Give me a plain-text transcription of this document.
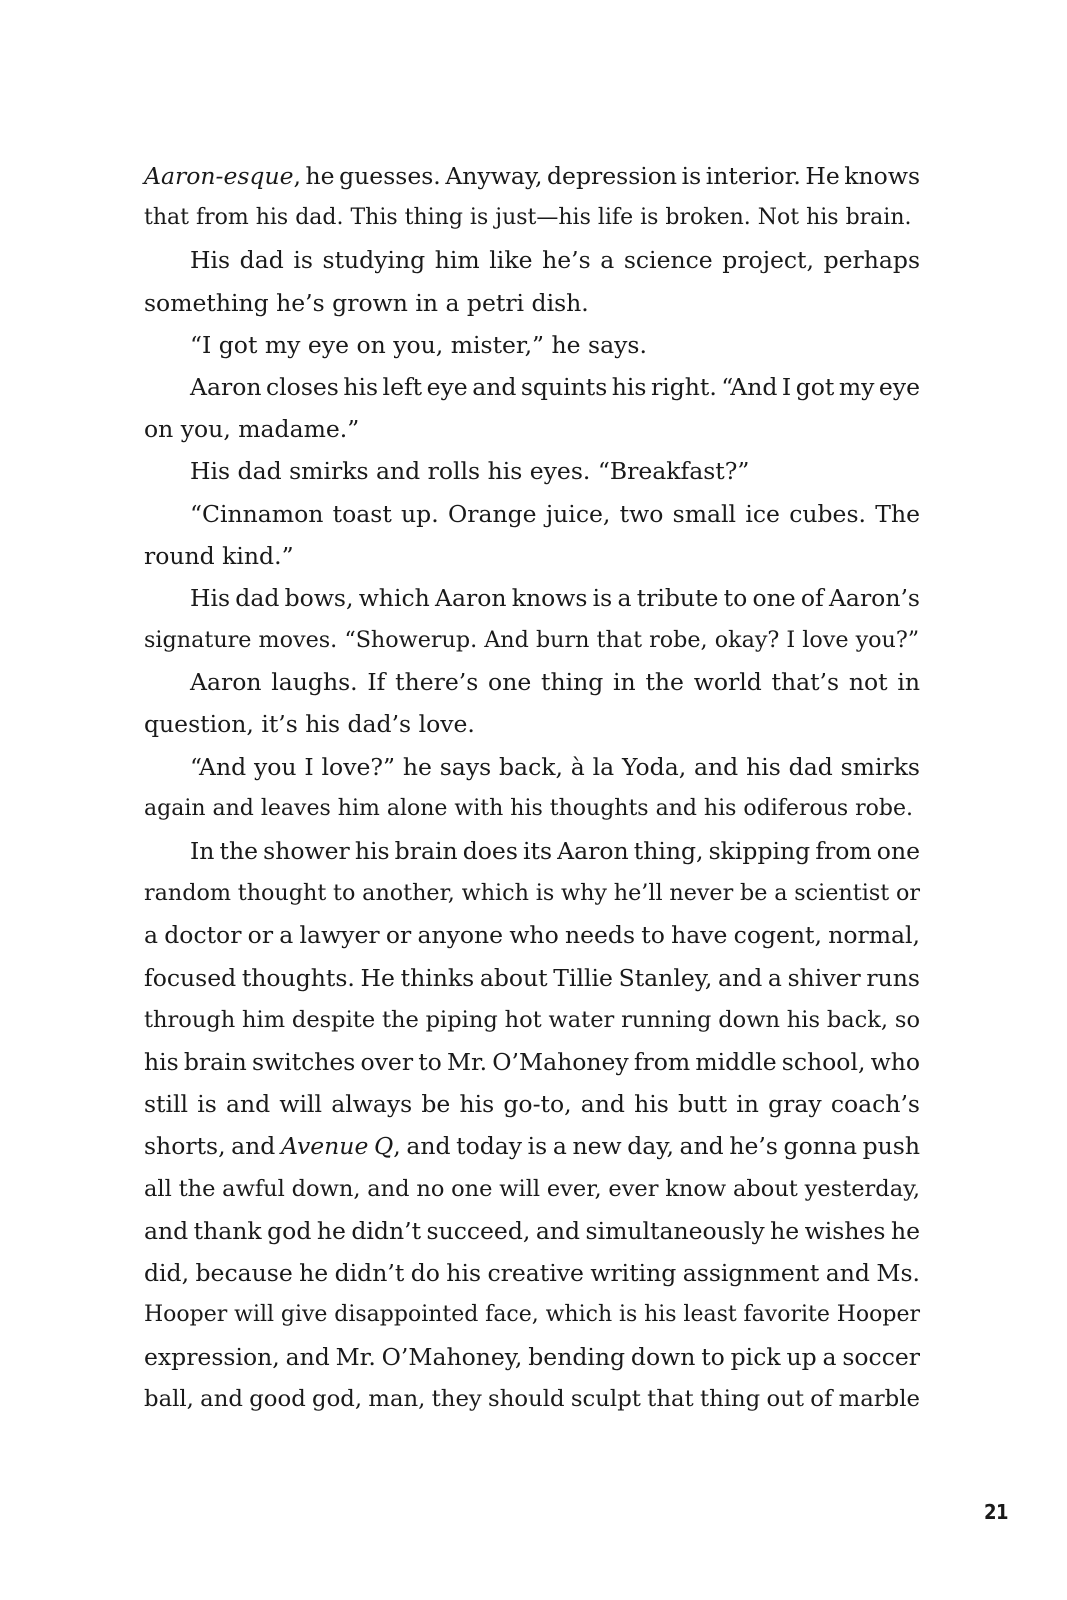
Aaron-esque, he guesses. Anyway, depression is interior. He knows
that from his dad. This thing is just—his life is broken. Not his brain.
His dad is studying him like he’s a science project, perhaps
something he’s grown in a petri dish.
“I got my eye on you, mister,” he says.
Aaron closes his left eye and squints his right. “And I got my eye
on you, madame.”
His dad smirks and rolls his eyes. “Breakfast?”
“Cinnamon toast up. Orange juice, two small ice cubes. The
round kind.”
His dad bows, which Aaron knows is a tribute to one of Aaron’s
signature moves. “Showerup. And burn that robe, okay? I love you?”
Aaron laughs. If there’s one thing in the world that’s not in
question, it’s his dad’s love.
“And you I love?” he says back, à la Yoda, and his dad smirks
again and leaves him alone with his thoughts and his odiferous robe.
In the shower his brain does its Aaron thing, skipping from one
random thought to another, which is why he’ll never be a scientist or
a doctor or a lawyer or anyone who needs to have cogent, normal,
focused thoughts. He thinks about Tillie Stanley, and a shiver runs
through him despite the piping hot water running down his back, so
his brain switches over to Mr. O’Mahoney from middle school, who
still is and will always be his go-to, and his butt in gray coach’s
shorts, and Avenue Q, and today is a new day, and he’s gonna push
all the awful down, and no one will ever, ever know about yesterday,
and thank god he didn’t succeed, and simultaneously he wishes he
did, because he didn’t do his creative writing assignment and Ms.
Hooper will give disappointed face, which is his least favorite Hooper
expression, and Mr. O’Mahoney, bending down to pick up a soccer
ball, and good god, man, they should sculpt that thing out of marble
21
